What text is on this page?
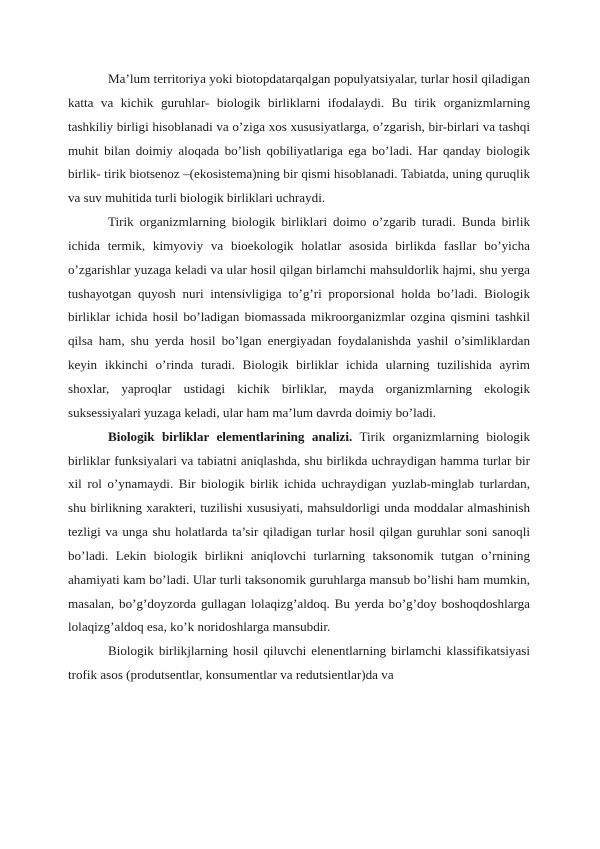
Ma’lum territoriya yoki biotopdatarqalgan populyatsiyalar, turlar hosil qiladigan katta va kichik guruhlar- biologik birliklarni ifodalaydi. Bu tirik organizmlarning tashkiliy birligi hisoblanadi va o’ziga xos xususiyatlarga, o’zgarish, bir-birlari va tashqi muhit bilan doimiy aloqada bo’lish qobiliyatlariga ega bo’ladi. Har qanday biologik birlik- tirik biotsenoz –(ekosistema)ning bir qismi hisoblanadi. Tabiatda, uning quruqlik va suv muhitida turli biologik birliklari uchraydi.

Tirik organizmlarning biologik birliklari doimo o’zgarib turadi. Bunda birlik ichida termik, kimyoviy va bioekologik holatlar asosida birlikda fasllar bo’yicha o’zgarishlar yuzaga keladi va ular hosil qilgan birlamchi mahsuldorlik hajmi, shu yerga tushayotgan quyosh nuri intensivligiga to’g’ri proporsional holda bo’ladi. Biologik birliklar ichida hosil bo’ladigan biomassada mikroorganizmlar ozgina qismini tashkil qilsa ham, shu yerda hosil bo’lgan energiyadan foydalanishda yashil o’simliklardan keyin ikkinchi o’rinda turadi. Biologik birliklar ichida ularning tuzilishida ayrim shoxlar, yaproqlar ustidagi kichik birliklar, mayda organizmlarning ekologik suksessiyalari yuzaga keladi, ular ham ma’lum davrda doimiy bo’ladi.

Biologik birliklar elementlarining analizi. Tirik organizmlarning biologik birliklar funksiyalari va tabiatni aniqlashda, shu birlikda uchraydigan hamma turlar bir xil rol o’ynamaydi. Bir biologik birlik ichida uchraydigan yuzlab-minglab turlardan, shu birlikning xarakteri, tuzilishi xususiyati, mahsuldorligi unda moddalar almashinish tezligi va unga shu holatlarda ta’sir qiladigan turlar hosil qilgan guruhlar soni sanoqli bo’ladi. Lekin biologik birlikni aniqlovchi turlarning taksonomik tutgan o’rnining ahamiyati kam bo’ladi. Ular turli taksonomik guruhlarga mansub bo’lishi ham mumkin, masalan, bo’g’doyzorda gullagan lolaqizg’aldoq. Bu yerda bo’g’doy boshoqdoshlarga lolaqizg’aldoq esa, ko’k noridoshlarga mansubdir.

Biologik birlikjlarning hosil qiluvchi elenentlarning birlamchi klassifikatsiyasi trofik asos (produtsentlar, konsumentlar va redutsientlar)da va
